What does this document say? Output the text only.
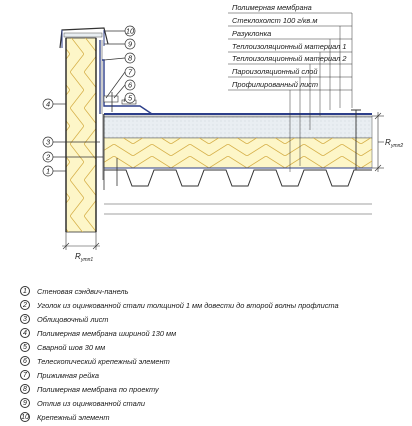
Полимерная мембрана
Стеклохолст 100 г/кв.м
Разуклонка
Теплоизоляционный материал 1
Теплоизоляционный материал 2
Пароизоляционный слой
Профилированный лист
4
3
2
1
10
9
8
7
6
5
R утп1
R утп2
1	Стеновая сэндвич-панель
2	Уголок из оцинкованной стали толщиной 1 мм довести до второй волны профлиста
3	Облицовочный лист
4	Полимерная мембрана шириной 130 мм
5	Сварной шов 30 мм
6	Телескопический крепежный элемент
7	Прижимная рейка
8	Полимерная мембрана по проекту
9	Отлив из оцинкованной стали
10 Крепежный элемент
